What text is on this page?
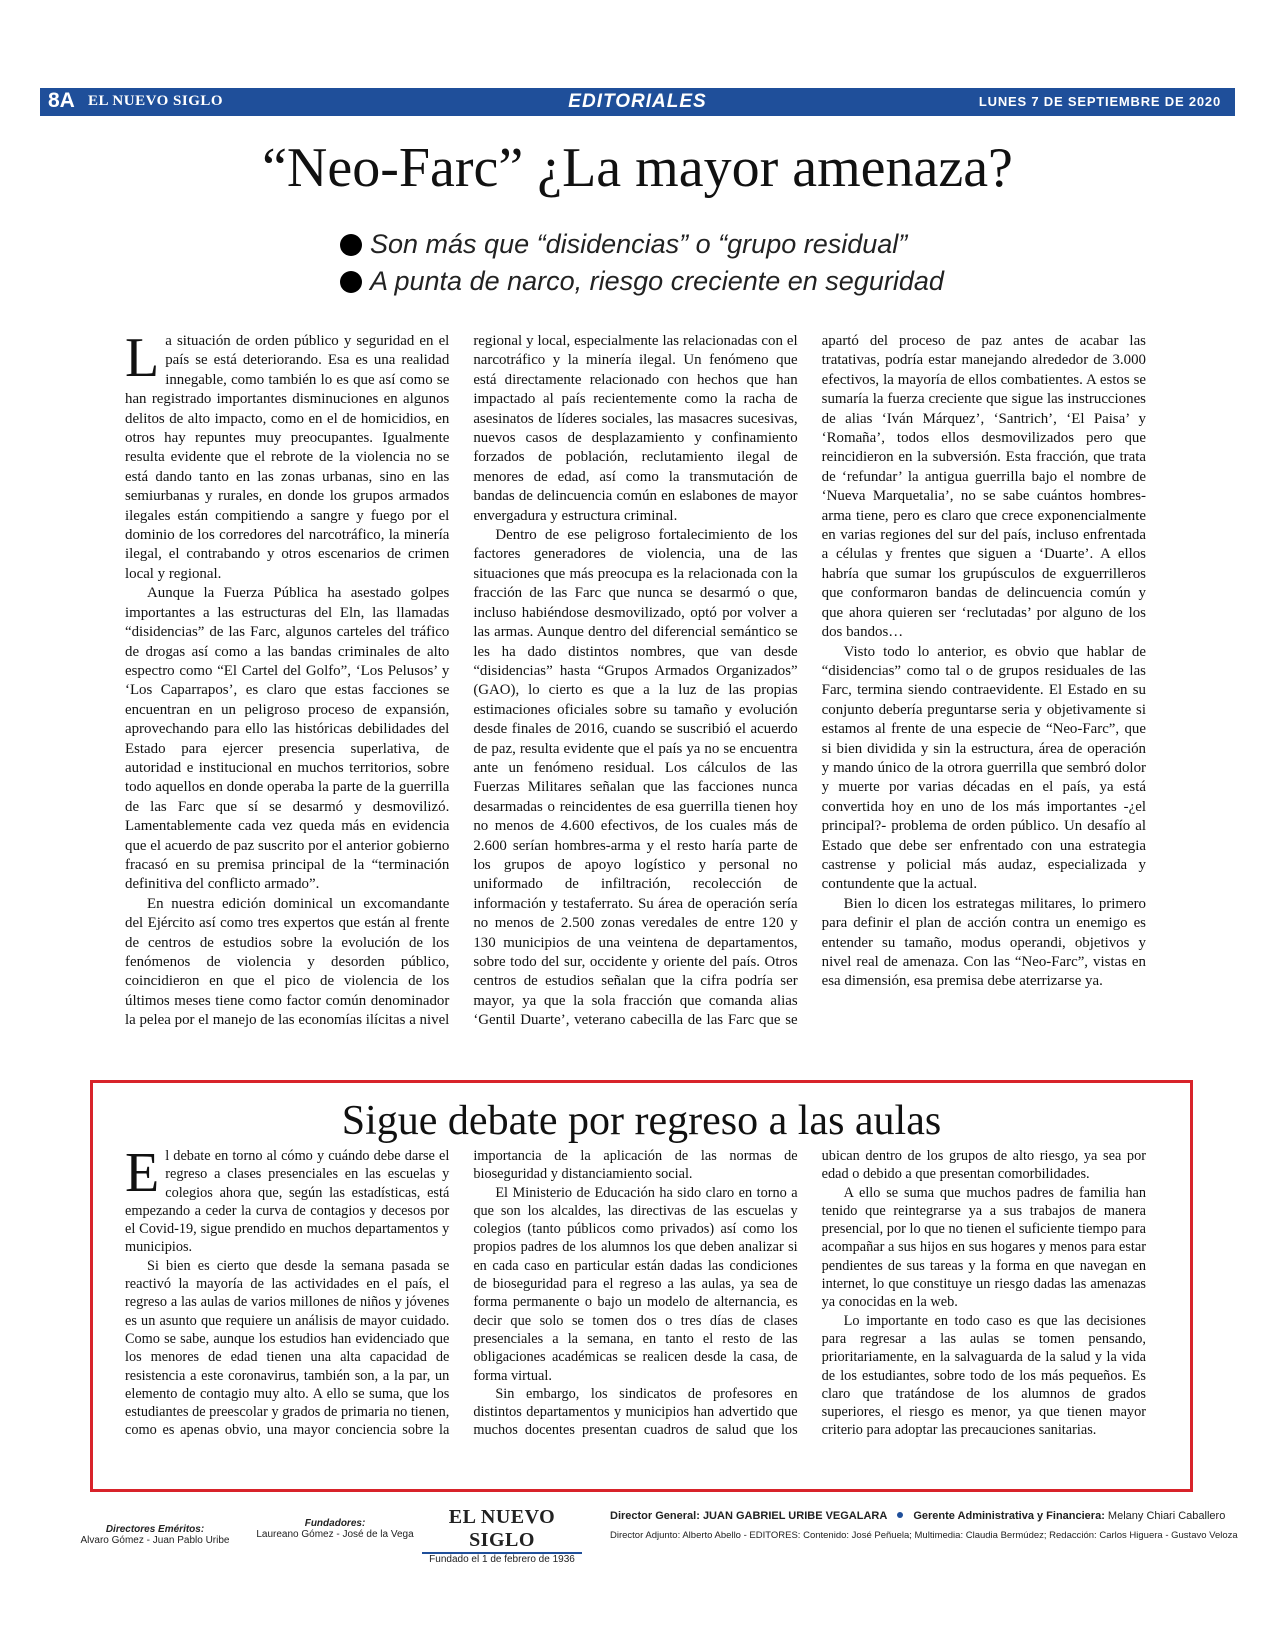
8A EL NUEVO SIGLO	EDITORIALES	LUNES 7 DE SEPTIEMBRE DE 2020
“Neo-Farc” ¿La mayor amenaza?
Son más que “disidencias” o “grupo residual”
A punta de narco, riesgo creciente en seguridad

La situación de orden público y seguridad en el país se está deteriorando. Esa es una realidad innegable, como también lo es que así como se han registrado importantes disminuciones en algunos delitos de alto impacto, como en el de homicidios, en otros hay repuntes muy preocupantes. Igualmente resulta evidente que el rebrote de la violencia no se está dando tanto en las zonas urbanas, sino en las semiurbanas y rurales, en donde los grupos armados ilegales están compitiendo a sangre y fuego por el dominio de los corredores del narcotráfico, la minería ilegal, el contrabando y otros escenarios de crimen local y regional.

Aunque la Fuerza Pública ha asestado golpes importantes a las estructuras del Eln, las llamadas “disidencias” de las Farc, algunos carteles del tráfico de drogas así como a las bandas criminales de alto espectro como “El Cartel del Golfo”, ‘Los Pelusos’ y ‘Los Caparrapos’, es claro que estas facciones se encuentran en un peligroso proceso de expansión, aprovechando para ello las históricas debilidades del Estado para ejercer presencia superlativa, de autoridad e institucional en muchos territorios, sobre todo aquellos en donde operaba la parte de la guerrilla de las Farc que sí se desarmó y desmovilizó. Lamentablemente cada vez queda más en evidencia que el acuerdo de paz suscrito por el anterior gobierno fracasó en su premisa principal de la “terminación definitiva del conflicto armado”.

En nuestra edición dominical un excomandante del Ejército así como tres expertos que están al frente de centros de estudios sobre la evolución de los fenómenos de violencia y desorden público, coincidieron en que el pico de violencia de los últimos meses tiene como factor común denominador la pelea por el manejo de las economías ilícitas a nivel regional y local, especialmente las relacionadas con el narcotráfico y la minería ilegal. Un fenómeno que está directamente relacionado con hechos que han impactado al país recientemente como la racha de asesinatos de líderes sociales, las masacres sucesivas, nuevos casos de desplazamiento y confinamiento forzados de población, reclutamiento ilegal de menores de edad, así como la transmutación de bandas de delincuencia común en eslabones de mayor envergadura y estructura criminal.

Dentro de ese peligroso fortalecimiento de los factores generadores de violencia, una de las situaciones que más preocupa es la relacionada con la fracción de las Farc que nunca se desarmó o que, incluso habiéndose desmovilizado, optó por volver a las armas. Aunque dentro del diferencial semántico se les ha dado distintos nombres, que van desde “disidencias” hasta “Grupos Armados Organizados” (GAO), lo cierto es que a la luz de las propias estimaciones oficiales sobre su tamaño y evolución desde finales de 2016, cuando se suscribió el acuerdo de paz, resulta evidente que el país ya no se encuentra ante un fenómeno residual. Los cálculos de las Fuerzas Militares señalan que las facciones nunca desarmadas o reincidentes de esa guerrilla tienen hoy no menos de 4.600 efectivos, de los cuales más de 2.600 serían hombres-arma y el resto haría parte de los grupos de apoyo logístico y personal no uniformado de infiltración, recolección de información y testaferrato. Su área de operación sería no menos de 2.500 zonas veredales de entre 120 y 130 municipios de una veintena de departamentos, sobre todo del sur, occidente y oriente del país. Otros centros de estudios señalan que la cifra podría ser mayor, ya que la sola fracción que comanda alias ‘Gentil Duarte’, veterano cabecilla de las Farc que se apartó del proceso de paz antes de acabar las tratativas, podría estar manejando alrededor de 3.000 efectivos, la mayoría de ellos combatientes. A estos se sumaría la fuerza creciente que sigue las instrucciones de alias ‘Iván Márquez’, ‘Santrich’, ‘El Paisa’ y ‘Romaña’, todos ellos desmovilizados pero que reincidieron en la subversión. Esta fracción, que trata de ‘refundar’ la antigua guerrilla bajo el nombre de ‘Nueva Marquetalia’, no se sabe cuántos hombres-arma tiene, pero es claro que crece exponencialmente en varias regiones del sur del país, incluso enfrentada a células y frentes que siguen a ‘Duarte’. A ellos habría que sumar los grupúsculos de exguerrilleros que conformaron bandas de delincuencia común y que ahora quieren ser ‘reclutadas’ por alguno de los dos bandos…

Visto todo lo anterior, es obvio que hablar de “disidencias” como tal o de grupos residuales de las Farc, termina siendo contraevidente. El Estado en su conjunto debería preguntarse seria y objetivamente si estamos al frente de una especie de “Neo-Farc”, que si bien dividida y sin la estructura, área de operación y mando único de la otrora guerrilla que sembró dolor y muerte por varias décadas en el país, ya está convertida hoy en uno de los más importantes -¿el principal?- problema de orden público. Un desafío al Estado que debe ser enfrentado con una estrategia castrense y policial más audaz, especializada y contundente que la actual.

Bien lo dicen los estrategas militares, lo primero para definir el plan de acción contra un enemigo es entender su tamaño, modus operandi, objetivos y nivel real de amenaza. Con las “Neo-Farc”, vistas en esa dimensión, esa premisa debe aterrizarse ya.

Sigue debate por regreso a las aulas

El debate en torno al cómo y cuándo debe darse el regreso a clases presenciales en las escuelas y colegios ahora que, según las estadísticas, está empezando a ceder la curva de contagios y decesos por el Covid-19, sigue prendido en muchos departamentos y municipios.

Si bien es cierto que desde la semana pasada se reactivó la mayoría de las actividades en el país, el regreso a las aulas de varios millones de niños y jóvenes es un asunto que requiere un análisis de mayor cuidado. Como se sabe, aunque los estudios han evidenciado que los menores de edad tienen una alta capacidad de resistencia a este coronavirus, también son, a la par, un elemento de contagio muy alto. A ello se suma, que los estudiantes de preescolar y grados de primaria no tienen, como es apenas obvio, una mayor conciencia sobre la importancia de la aplicación de las normas de bioseguridad y distanciamiento social.

El Ministerio de Educación ha sido claro en torno a que son los alcaldes, las directivas de las escuelas y colegios (tanto públicos como privados) así como los propios padres de los alumnos los que deben analizar si en cada caso en particular están dadas las condiciones de bioseguridad para el regreso a las aulas, ya sea de forma permanente o bajo un modelo de alternancia, es decir que solo se tomen dos o tres días de clases presenciales a la semana, en tanto el resto de las obligaciones académicas se realicen desde la casa, de forma virtual.

Sin embargo, los sindicatos de profesores en distintos departamentos y municipios han advertido que muchos docentes presentan cuadros de salud que los ubican dentro de los grupos de alto riesgo, ya sea por edad o debido a que presentan comorbilidades.

A ello se suma que muchos padres de familia han tenido que reintegrarse ya a sus trabajos de manera presencial, por lo que no tienen el suficiente tiempo para acompañar a sus hijos en sus hogares y menos para estar pendientes de sus tareas y la forma en que navegan en internet, lo que constituye un riesgo dadas las amenazas ya conocidas en la web.

Lo importante en todo caso es que las decisiones para regresar a las aulas se tomen pensando, prioritariamente, en la salvaguarda de la salud y la vida de los estudiantes, sobre todo de los más pequeños. Es claro que tratándose de los alumnos de grados superiores, el riesgo es menor, ya que tienen mayor criterio para adoptar las precauciones sanitarias.

Directores Eméritos:
Alvaro Gómez - Juan Pablo Uribe
Fundadores:
Laureano Gómez - José de la Vega
EL NUEVO SIGLO
Fundado el 1 de febrero de 1936
Director General: JUAN GABRIEL URIBE VEGALARA Gerente Administrativa y Financiera: Melany Chiari Caballero
Director Adjunto: Alberto Abello - EDITORES: Contenido: José Peñuela; Multimedia: Claudia Bermúdez; Redacción: Carlos Higuera - Gustavo Veloza
